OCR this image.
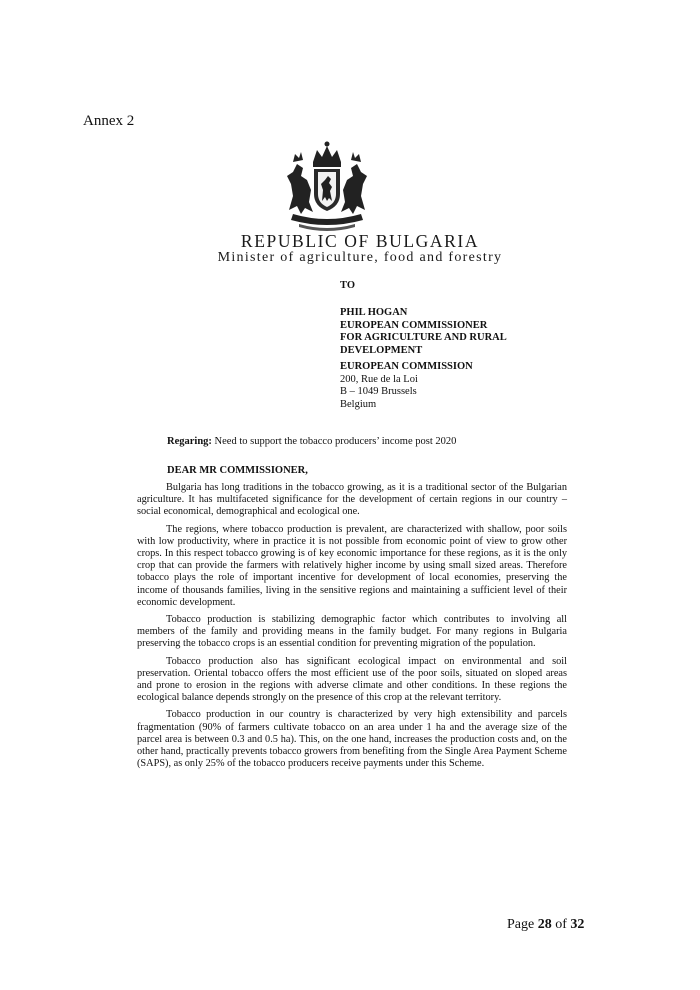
Annex 2
REPUBLIC OF BULGARIA
Minister of agriculture, food and forestry
TO
PHIL HOGAN
EUROPEAN COMMISSIONER
FOR AGRICULTURE AND RURAL
DEVELOPMENT
EUROPEAN COMMISSION
200, Rue de la Loi
B – 1049 Brussels
Belgium
Regaring: Need to support the tobacco producers’ income post 2020
DEAR MR COMMISSIONER,

Bulgaria has long traditions in the tobacco growing, as it is a traditional sector of the Bulgarian agriculture. It has multifaceted significance for the development of certain regions in our country – social economical, demographical and ecological one.

The regions, where tobacco production is prevalent, are characterized with shallow, poor soils with low productivity, where in practice it is not possible from economic point of view to grow other crops. In this respect tobacco growing is of key economic importance for these regions, as it is the only crop that can provide the farmers with relatively higher income by using small sized areas. Therefore tobacco plays the role of important incentive for development of local economies, preserving the income of thousands families, living in the sensitive regions and maintaining a sufficient level of their economic development.

Tobacco production is stabilizing demographic factor which contributes to involving all members of the family and providing means in the family budget. For many regions in Bulgaria preserving the tobacco crops is an essential condition for preventing migration of the population.

Tobacco production also has significant ecological impact on environmental and soil preservation. Oriental tobacco offers the most efficient use of the poor soils, situated on sloped areas and prone to erosion in the regions with adverse climate and other conditions. In these regions the ecological balance depends strongly on the presence of this crop at the relevant territory.

Tobacco production in our country is characterized by very high extensibility and parcels fragmentation (90% of farmers cultivate tobacco on an area under 1 ha and the average size of the parcel area is between 0.3 and 0.5 ha). This, on the one hand, increases the production costs and, on the other hand, practically prevents tobacco growers from benefiting from the Single Area Payment Scheme (SAPS), as only 25% of the tobacco producers receive payments under this Scheme.

Page 28 of 32
